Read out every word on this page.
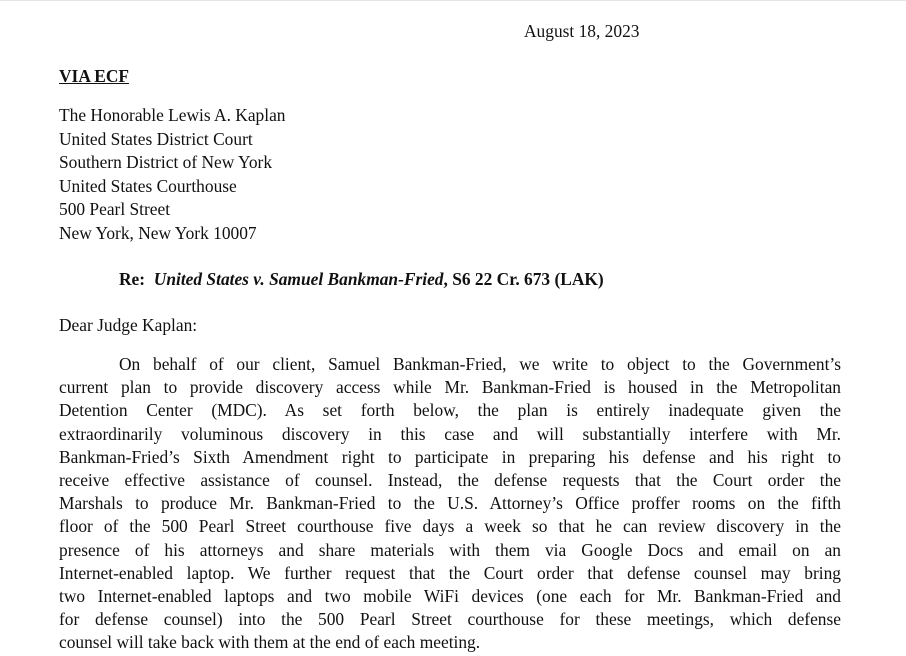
August 18, 2023
VIA ECF
The Honorable Lewis A. Kaplan
United States District Court
Southern District of New York
United States Courthouse
500 Pearl Street
New York, New York 10007
Re: United States v. Samuel Bankman-Fried, S6 22 Cr. 673 (LAK)
Dear Judge Kaplan:
On behalf of our client, Samuel Bankman-Fried, we write to object to the Government’s
current plan to provide discovery access while Mr. Bankman-Fried is housed in the Metropolitan
Detention Center (MDC). As set forth below, the plan is entirely inadequate given the
extraordinarily voluminous discovery in this case and will substantially interfere with Mr.
Bankman-Fried’s Sixth Amendment right to participate in preparing his defense and his right to
receive effective assistance of counsel. Instead, the defense requests that the Court order the
Marshals to produce Mr. Bankman-Fried to the U.S. Attorney’s Office proffer rooms on the fifth
floor of the 500 Pearl Street courthouse five days a week so that he can review discovery in the
presence of his attorneys and share materials with them via Google Docs and email on an
Internet-enabled laptop. We further request that the Court order that defense counsel may bring
two Internet-enabled laptops and two mobile WiFi devices (one each for Mr. Bankman-Fried and
for defense counsel) into the 500 Pearl Street courthouse for these meetings, which defense
counsel will take back with them at the end of each meeting.
